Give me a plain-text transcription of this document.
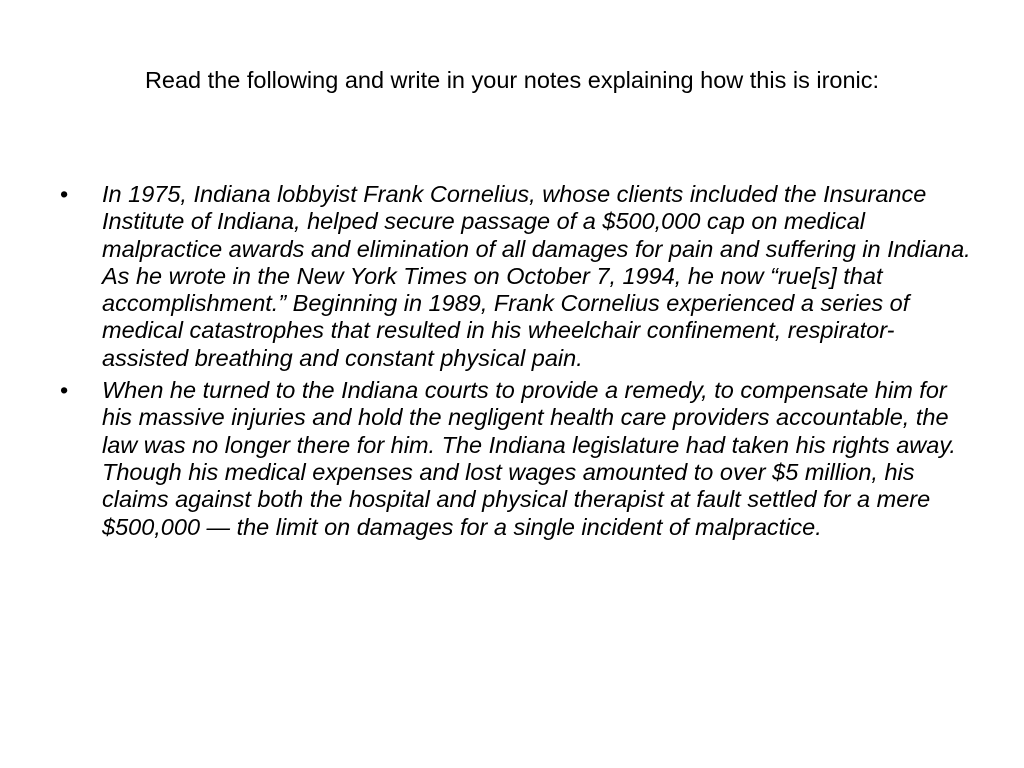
Read the following and write in your notes explaining how this is ironic:
• In 1975, Indiana lobbyist Frank Cornelius, whose clients included the Insurance Institute of Indiana, helped secure passage of a $500,000 cap on medical malpractice awards and elimination of all damages for pain and suffering in Indiana. As he wrote in the New York Times on October 7, 1994, he now “rue[s] that accomplishment.” Beginning in 1989, Frank Cornelius experienced a series of medical catastrophes that resulted in his wheelchair confinement, respirator-assisted breathing and constant physical pain.
• When he turned to the Indiana courts to provide a remedy, to compensate him for his massive injuries and hold the negligent health care providers accountable, the law was no longer there for him. The Indiana legislature had taken his rights away. Though his medical expenses and lost wages amounted to over $5 million, his claims against both the hospital and physical therapist at fault settled for a mere $500,000 — the limit on damages for a single incident of malpractice.
